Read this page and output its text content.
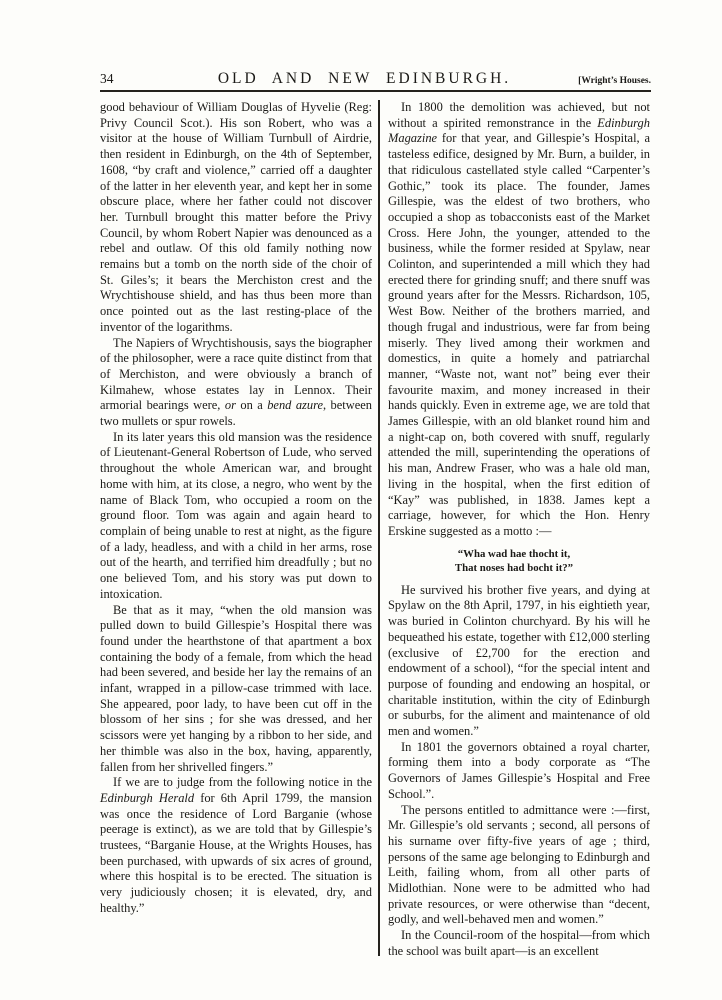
34	OLD AND NEW EDINBURGH.	[Wright’s Houses.

good behaviour of William Douglas of Hyvelie (Reg: Privy Council Scot.). His son Robert, who was a visitor at the house of William Turnbull of Airdrie, then resident in Edinburgh, on the 4th of September, 1608, “by craft and violence,” carried off a daughter of the latter in her eleventh year, and kept her in some obscure place, where her father could not discover her. Turnbull brought this matter before the Privy Council, by whom Robert Napier was denounced as a rebel and outlaw. Of this old family nothing now remains but a tomb on the north side of the choir of St. Giles’s; it bears the Merchiston crest and the Wrychtishouse shield, and has thus been more than once pointed out as the last resting-place of the inventor of the logarithms.

The Napiers of Wrychtishousis, says the biographer of the philosopher, were a race quite distinct from that of Merchiston, and were obviously a branch of Kilmahew, whose estates lay in Lennox. Their armorial bearings were, or on a bend azure, between two mullets or spur rowels.

In its later years this old mansion was the residence of Lieutenant-General Robertson of Lude, who served throughout the whole American war, and brought home with him, at its close, a negro, who went by the name of Black Tom, who occupied a room on the ground floor. Tom was again and again heard to complain of being unable to rest at night, as the figure of a lady, headless, and with a child in her arms, rose out of the hearth, and terrified him dreadfully ; but no one believed Tom, and his story was put down to intoxication.

Be that as it may, “when the old mansion was pulled down to build Gillespie’s Hospital there was found under the hearthstone of that apartment a box containing the body of a female, from which the head had been severed, and beside her lay the remains of an infant, wrapped in a pillow-case trimmed with lace. She appeared, poor lady, to have been cut off in the blossom of her sins ; for she was dressed, and her scissors were yet hanging by a ribbon to her side, and her thimble was also in the box, having, apparently, fallen from her shrivelled fingers.”

If we are to judge from the following notice in the Edinburgh Herald for 6th April 1799, the mansion was once the residence of Lord Barganie (whose peerage is extinct), as we are told that by Gillespie’s trustees, “Barganie House, at the Wrights Houses, has been purchased, with upwards of six acres of ground, where this hospital is to be erected. The situation is very judiciously chosen; it is elevated, dry, and healthy.”

In 1800 the demolition was achieved, but not without a spirited remonstrance in the Edinburgh Magazine for that year, and Gillespie’s Hospital, a tasteless edifice, designed by Mr. Burn, a builder, in that ridiculous castellated style called “Carpenter’s Gothic,” took its place. The founder, James Gillespie, was the eldest of two brothers, who occupied a shop as tobacconists east of the Market Cross. Here John, the younger, attended to the business, while the former resided at Spylaw, near Colinton, and superintended a mill which they had erected there for grinding snuff; and there snuff was ground years after for the Messrs. Richardson, 105, West Bow. Neither of the brothers married, and though frugal and industrious, were far from being miserly. They lived among their workmen and domestics, in quite a homely and patriarchal manner, “Waste not, want not” being ever their favourite maxim, and money increased in their hands quickly. Even in extreme age, we are told that James Gillespie, with an old blanket round him and a night-cap on, both covered with snuff, regularly attended the mill, superintending the operations of his man, Andrew Fraser, who was a hale old man, living in the hospital, when the first edition of “Kay” was published, in 1838. James kept a carriage, however, for which the Hon. Henry Erskine suggested as a motto :—

“Wha wad hae thocht it,
That noses had bocht it?”

He survived his brother five years, and dying at Spylaw on the 8th April, 1797, in his eightieth year, was buried in Colinton churchyard. By his will he bequeathed his estate, together with £12,000 sterling (exclusive of £2,700 for the erection and endowment of a school), “for the special intent and purpose of founding and endowing an hospital, or charitable institution, within the city of Edinburgh or suburbs, for the aliment and maintenance of old men and women.”

In 1801 the governors obtained a royal charter, forming them into a body corporate as “The Governors of James Gillespie’s Hospital and Free School.”.

The persons entitled to admittance were :—first, Mr. Gillespie’s old servants ; second, all persons of his surname over fifty-five years of age ; third, persons of the same age belonging to Edinburgh and Leith, failing whom, from all other parts of Midlothian. None were to be admitted who had private resources, or were otherwise than “decent, godly, and well-behaved men and women.”

In the Council-room of the hospital—from which the school was built apart—is an excellent
